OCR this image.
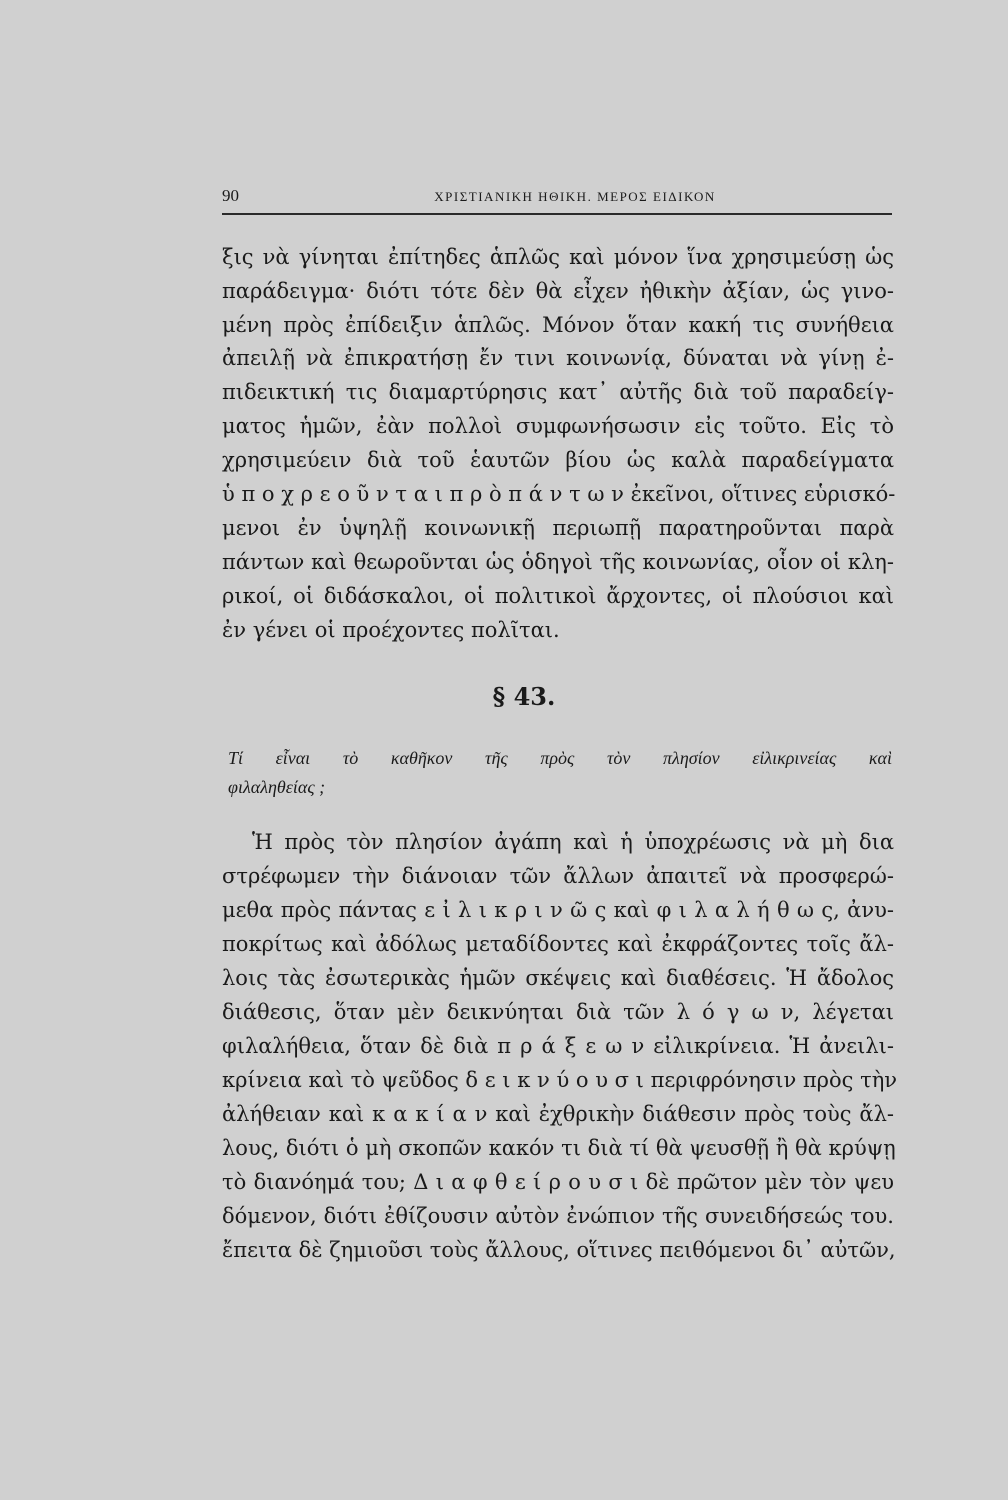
90	ΧΡΙΣΤΙΑΝΙΚΗ ΗΘΙΚΗ. ΜΕΡΟΣ ΕΙΔΙΚΟΝ
ξις νὰ γίνηται ἐπίτηδες ἁπλῶς καὶ μόνον ἵνα χρησιμεύσῃ ὡς
παράδειγμα· διότι τότε δὲν θὰ εἶχεν ἠθικὴν ἀξίαν, ὡς γινο-
μένη πρὸς ἐπίδειξιν ἁπλῶς. Μόνον ὅταν κακή τις συνήθεια
ἀπειλῇ νὰ ἐπικρατήσῃ ἔν τινι κοινωνίᾳ, δύναται νὰ γίνῃ ἐ-
πιδεικτική τις διαμαρτύρησις κατ᾽ αὐτῆς διὰ τοῦ παραδείγ-
ματος ἡμῶν, ἐὰν πολλοὶ συμφωνήσωσιν εἰς τοῦτο. Εἰς τὸ
χρησιμεύειν διὰ τοῦ ἑαυτῶν βίου ὡς καλὰ παραδείγματα
ὑ π ο χ ρ ε ο ῦ ν τ α ι π ρ ὸ π ά ν τ ω ν ἐκεῖνοι, οἵτινες εὑρισκό-
μενοι ἐν ὑψηλῇ κοινωνικῇ περιωπῇ παρατηροῦνται παρὰ
πάντων καὶ θεωροῦνται ὡς ὁδηγοὶ τῆς κοινωνίας, οἷον οἱ κλη-
ρικοί, οἱ διδάσκαλοι, οἱ πολιτικοὶ ἄρχοντες, οἱ πλούσιοι καὶ
ἐν γένει οἱ προέχοντες πολῖται.
§ 43.
Τί εἶναι τὸ καθῆκον τῆς πρὸς τὸν πλησίον εἰλικρινείας καὶ
φιλαληθείας ;
Ἡ πρὸς τὸν πλησίον ἀγάπη καὶ ἡ ὑποχρέωσις νὰ μὴ δια
στρέφωμεν τὴν διάνοιαν τῶν ἄλλων ἀπαιτεῖ νὰ προσφερώ-
μεθα πρὸς πάντας ε ἰ λ ι κ ρ ι ν ῶ ς καὶ φ ι λ α λ ή θ ω ς, ἀνυ-
ποκρίτως καὶ ἀδόλως μεταδίδοντες καὶ ἐκφράζοντες τοῖς ἄλ-
λοις τὰς ἐσωτερικὰς ἡμῶν σκέψεις καὶ διαθέσεις. Ἡ ἄδολος
διάθεσις, ὅταν μὲν δεικνύηται διὰ τῶν λ ό γ ω ν, λέγεται
φιλαλήθεια, ὅταν δὲ διὰ π ρ ά ξ ε ω ν εἰλικρίνεια. Ἡ ἀνειλι-
κρίνεια καὶ τὸ ψεῦδος δ ε ι κ ν ύ ο υ σ ι περιφρόνησιν πρὸς τὴν
ἀλήθειαν καὶ κ α κ ί α ν καὶ ἐχθρικὴν διάθεσιν πρὸς τοὺς ἄλ-
λους, διότι ὁ μὴ σκοπῶν κακόν τι διὰ τί θὰ ψευσθῇ ἢ θὰ κρύψῃ
τὸ διανόημά του; Δ ι α φ θ ε ί ρ ο υ σ ι δὲ πρῶτον μὲν τὸν ψευ
δόμενον, διότι ἐθίζουσιν αὐτὸν ἐνώπιον τῆς συνειδήσεώς του.
ἔπειτα δὲ ζημιοῦσι τοὺς ἄλλους, οἵτινες πειθόμενοι δι᾽ αὐτῶν,
